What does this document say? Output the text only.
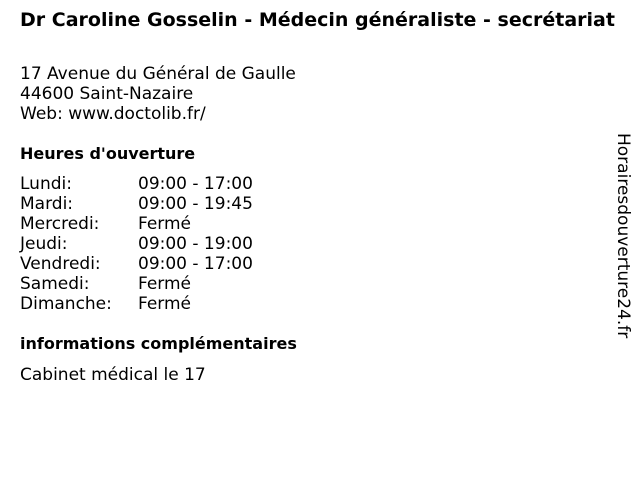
Dr Caroline Gosselin - Médecin généraliste - secrétariat
17 Avenue du Général de Gaulle
44600 Saint-Nazaire
Web: www.doctolib.fr/
Heures d'ouverture
Lundi:	09:00 - 17:00
Mardi:	09:00 - 19:45
Mercredi: Fermé
Jeudi:	09:00 - 19:00
Vendredi: 09:00 - 17:00
Samedi:	Fermé
Dimanche: Fermé
informations complémentaires
Cabinet médical le 17
Horairesdouverture24.fr
